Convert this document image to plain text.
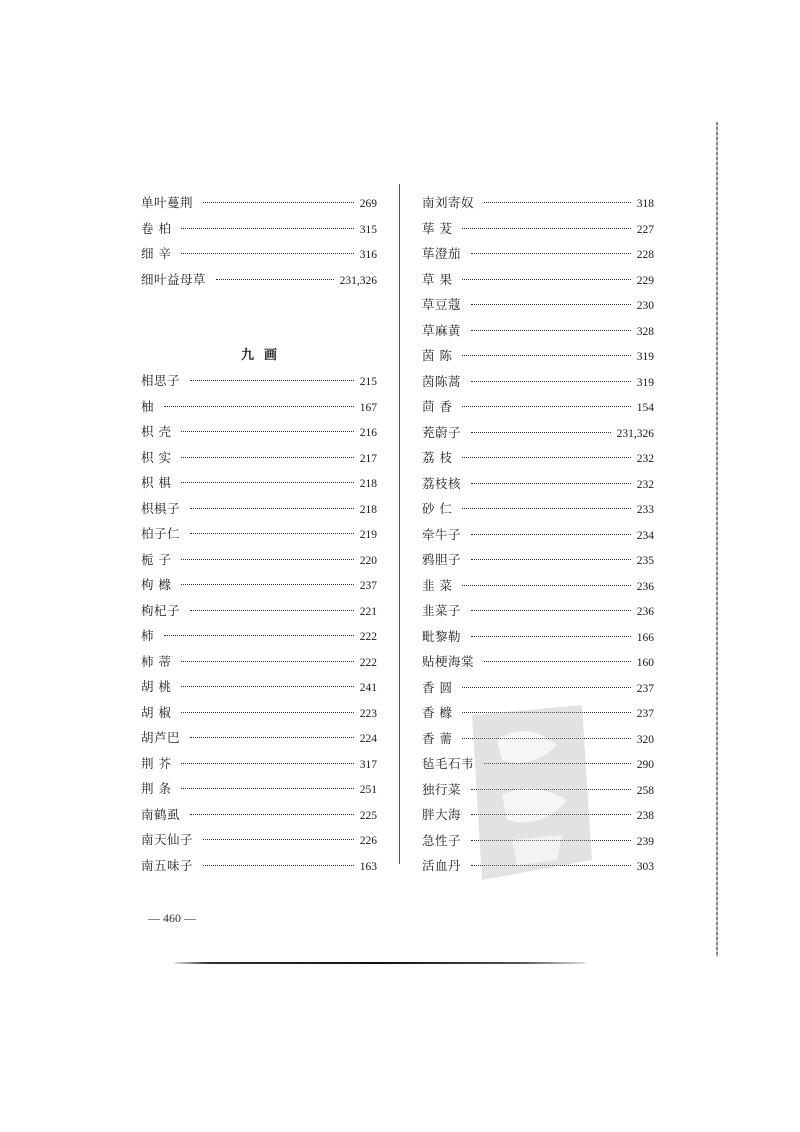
单叶蔓荆	269
卷 柏	315
细 辛	316
细叶益母草	231,326
九画
相思子	215
柚	167
枳 壳	216
枳 实	217
枳 椇	218
枳椇子	218
柏子仁	219
栀 子	220
枸 橼	237
枸杞子	221
柿	222
柿 蒂	222
胡 桃	241
胡 椒	223
胡芦巴	224
荆 芥	317
荆 条	251
南鹤虱	225
南天仙子	226
南五味子	163
南刘寄奴	318
荜 茇	227
荜澄茄	228
草 果	229
草豆蔻	230
草麻黄	328
茵 陈	319
茵陈蒿	319
茴 香	154
茺蔚子	231,326
荔 枝	232
荔枝核	232
砂 仁	233
牵牛子	234
鸦胆子	235
韭 菜	236
韭菜子	236
毗黎勒	166
贴梗海棠	160
香 圆	237
香 橼	237
香 薷	320
毡毛石韦	290
独行菜	258
胖大海	238
急性子	239
活血丹	303
— 460 —
